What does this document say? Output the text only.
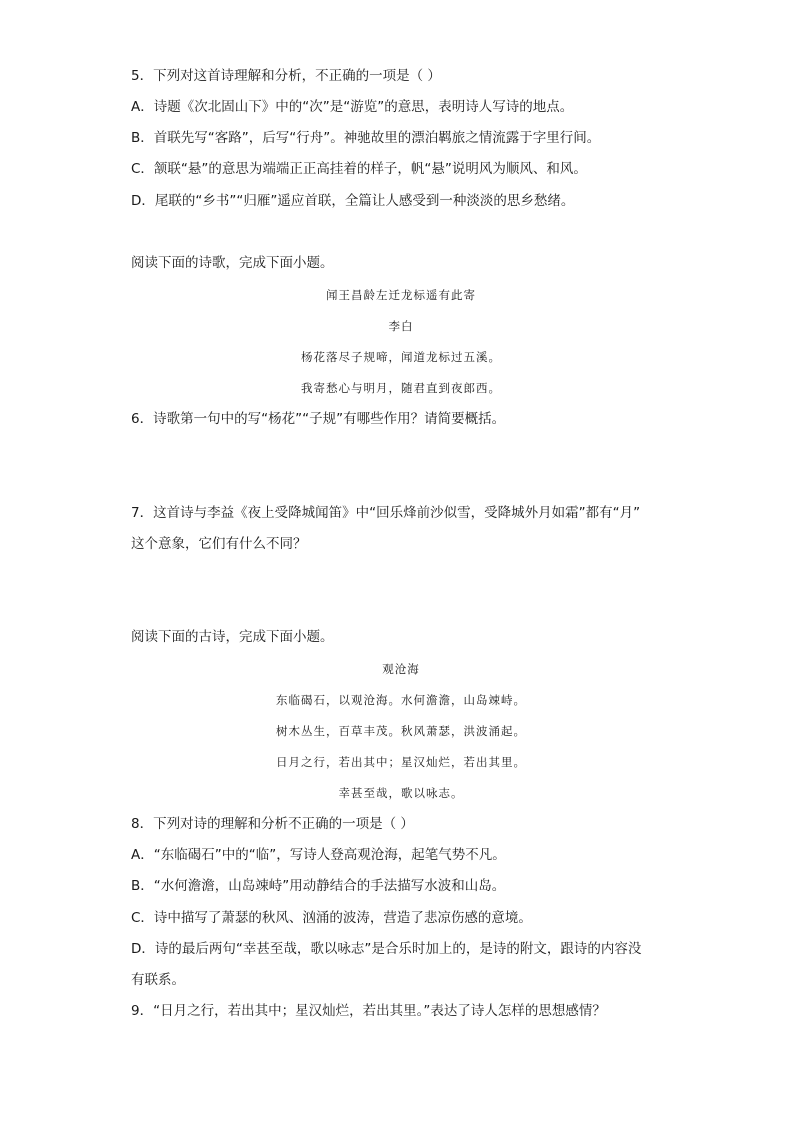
5．下列对这首诗理解和分析，不正确的一项是（ ）
A．诗题《次北固山下》中的“次”是“游览”的意思，表明诗人写诗的地点。
B．首联先写“客路”，后写“行舟”。神驰故里的漂泊羁旅之情流露于字里行间。
C．颔联“悬”的意思为端端正正高挂着的样子，帆“悬”说明风为顺风、和风。
D．尾联的“乡书”“归雁”遥应首联，全篇让人感受到一种淡淡的思乡愁绪。
阅读下面的诗歌，完成下面小题。
闻王昌龄左迁龙标遥有此寄
李白
杨花落尽子规啼，闻道龙标过五溪。
我寄愁心与明月，随君直到夜郎西。
6．诗歌第一句中的写“杨花”“子规”有哪些作用？请简要概括。
7．这首诗与李益《夜上受降城闻笛》中“回乐烽前沙似雪，受降城外月如霜”都有“月”
这个意象，它们有什么不同？
阅读下面的古诗，完成下面小题。
观沧海
东临碣石，以观沧海。水何澹澹，山岛竦峙。
树木丛生，百草丰茂。秋风萧瑟，洪波涌起。
日月之行，若出其中；星汉灿烂，若出其里。
幸甚至哉，歌以咏志。
8．下列对诗的理解和分析不正确的一项是（ ）
A．“东临碣石”中的“临”，写诗人登高观沧海，起笔气势不凡。
B．“水何澹澹，山岛竦峙”用动静结合的手法描写水波和山岛。
C．诗中描写了萧瑟的秋风、汹涌的波涛，营造了悲凉伤感的意境。
D．诗的最后两句“幸甚至哉，歌以咏志”是合乐时加上的，是诗的附文，跟诗的内容没
有联系。
9．“日月之行，若出其中；星汉灿烂，若出其里。”表达了诗人怎样的思想感情？
